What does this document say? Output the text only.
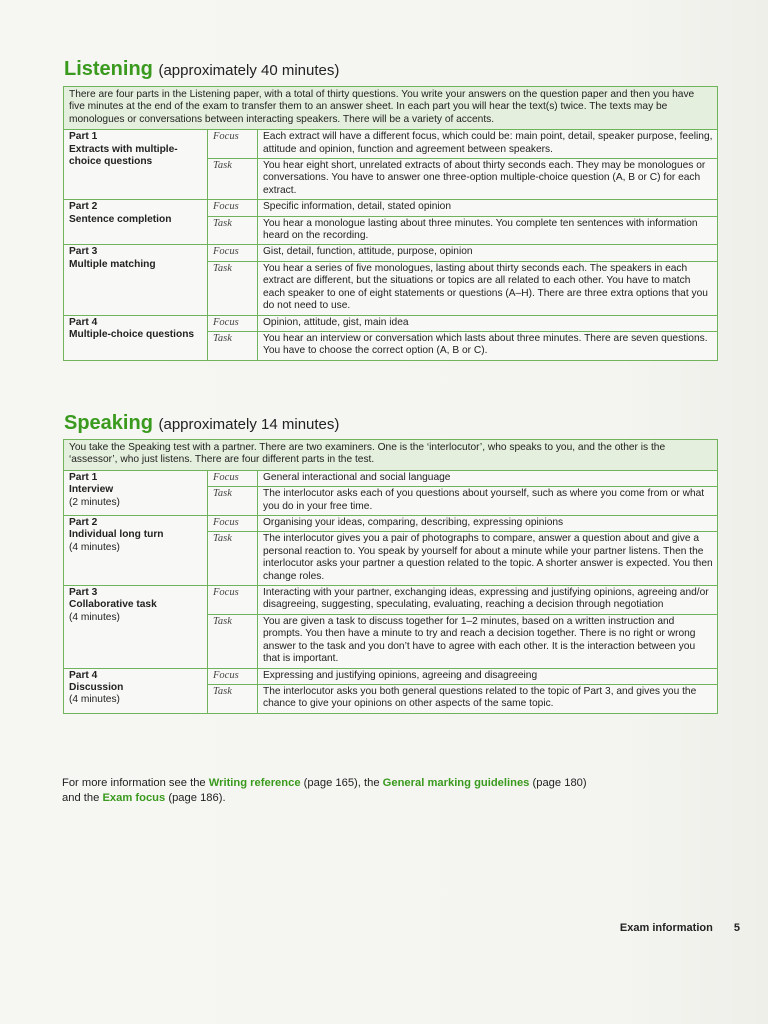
Listening (approximately 40 minutes)
There are four parts in the Listening paper, with a total of thirty questions. You write your answers on the question paper and then you have five minutes at the end of the exam to transfer them to an answer sheet. In each part you will hear the text(s) twice. The texts may be monologues or conversations between interacting speakers. There will be a variety of accents.		

Part 1
Extracts with multiple-choice questions	Focus	Each extract will have a different focus, which could be: main point, detail, speaker purpose, feeling, attitude and opinion, function and agreement between speakers.
	Task	You hear eight short, unrelated extracts of about thirty seconds each. They may be monologues or conversations. You have to answer one three-option multiple-choice question (A, B or C) for each extract.

Part 2
Sentence completion	Focus	Specific information, detail, stated opinion
	Task	You hear a monologue lasting about three minutes. You complete ten sentences with information heard on the recording.

Part 3
Multiple matching	Focus	Gist, detail, function, attitude, purpose, opinion
	Task	You hear a series of five monologues, lasting about thirty seconds each. The speakers in each extract are different, but the situations or topics are all related to each other. You have to match each speaker to one of eight statements or questions (A–H). There are three extra options that you do not need to use.

Part 4
Multiple-choice questions	Focus	Opinion, attitude, gist, main idea
	Task	You hear an interview or conversation which lasts about three minutes. There are seven questions. You have to choose the correct option (A, B or C).
Speaking (approximately 14 minutes)
You take the Speaking test with a partner. There are two examiners. One is the ‘interlocutor’, who speaks to you, and the other is the ‘assessor’, who just listens. There are four different parts in the test.		

Part 1
Interview
(2 minutes)	Focus	General interactional and social language
	Task	The interlocutor asks each of you questions about yourself, such as where you come from or what you do in your free time.

Part 2
Individual long turn
(4 minutes)	Focus	Organising your ideas, comparing, describing, expressing opinions
	Task	The interlocutor gives you a pair of photographs to compare, answer a question about and give a personal reaction to. You speak by yourself for about a minute while your partner listens. Then the interlocutor asks your partner a question related to the topic. A shorter answer is expected. You then change roles.

Part 3
Collaborative task
(4 minutes)	Focus	Interacting with your partner, exchanging ideas, expressing and justifying opinions, agreeing and/or disagreeing, suggesting, speculating, evaluating, reaching a decision through negotiation
	Task	You are given a task to discuss together for 1–2 minutes, based on a written instruction and prompts. You then have a minute to try and reach a decision together. There is no right or wrong answer to the task and you don’t have to agree with each other. It is the interaction between you that is important.

Part 4
Discussion
(4 minutes)	Focus	Expressing and justifying opinions, agreeing and disagreeing
	Task	The interlocutor asks you both general questions related to the topic of Part 3, and gives you the chance to give your opinions on other aspects of the same topic.

For more information see the Writing reference (page 165), the General marking guidelines (page 180)
and the Exam focus (page 186).

Exam information 5
